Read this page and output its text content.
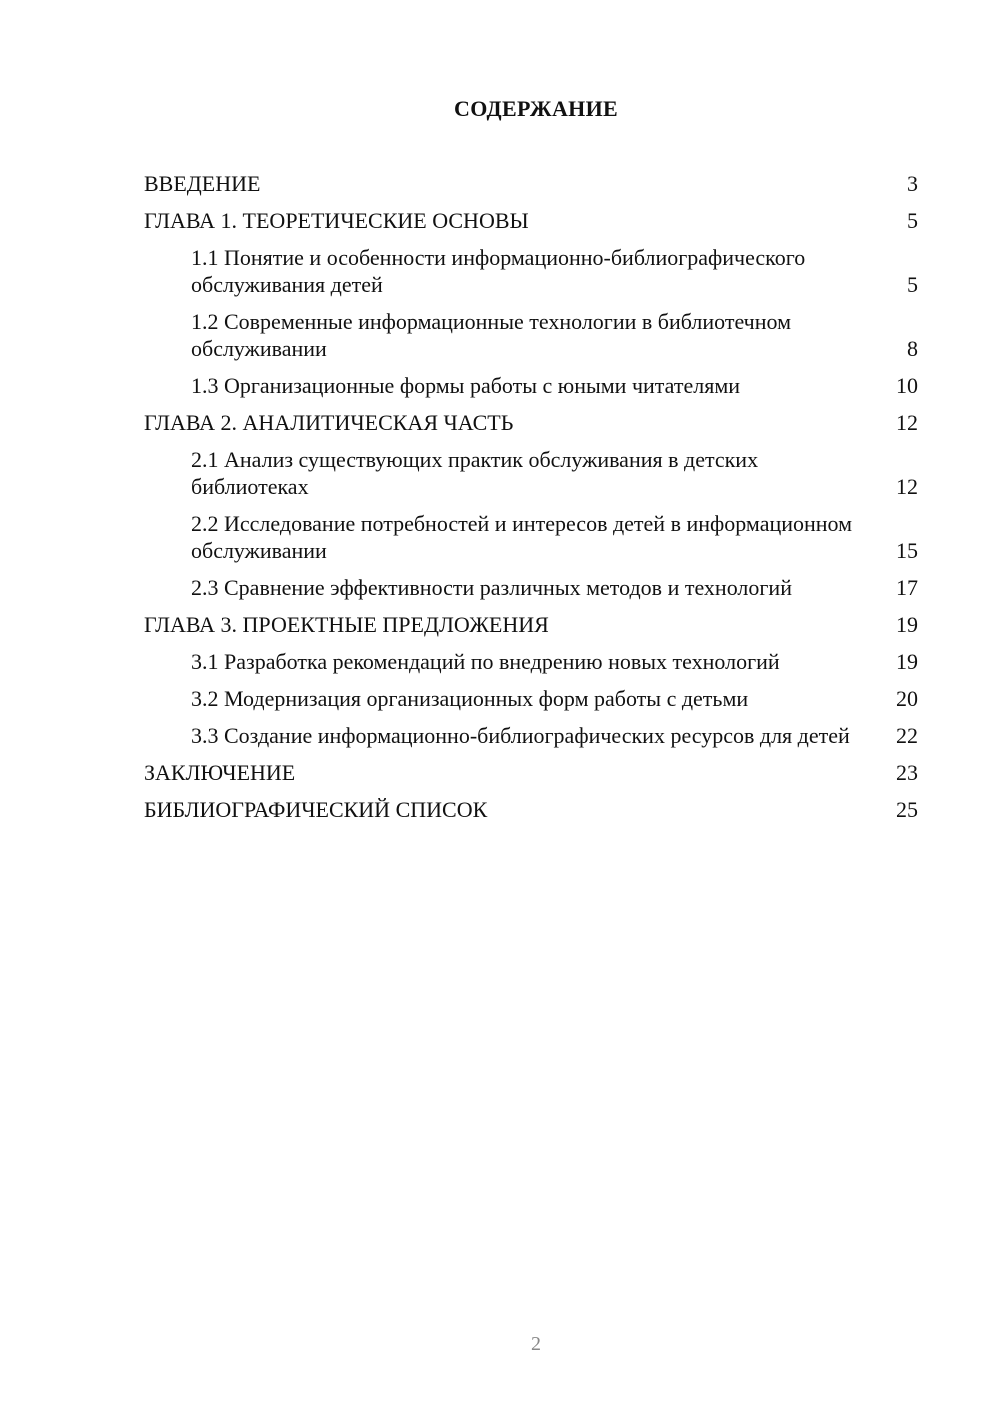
СОДЕРЖАНИЕ
ВВЕДЕНИЕ	3
ГЛАВА 1. ТЕОРЕТИЧЕСКИЕ ОСНОВЫ	5
1.1 Понятие и особенности информационно-библиографического обслуживания детей	5
1.2 Современные информационные технологии в библиотечном обслуживании	8
1.3 Организационные формы работы с юными читателями	10
ГЛАВА 2. АНАЛИТИЧЕСКАЯ ЧАСТЬ	12
2.1 Анализ существующих практик обслуживания в детских библиотеках	12
2.2 Исследование потребностей и интересов детей в информационном обслуживании	15
2.3 Сравнение эффективности различных методов и технологий	17
ГЛАВА 3. ПРОЕКТНЫЕ ПРЕДЛОЖЕНИЯ	19
3.1 Разработка рекомендаций по внедрению новых технологий	19
3.2 Модернизация организационных форм работы с детьми	20
3.3 Создание информационно-библиографических ресурсов для детей	22
ЗАКЛЮЧЕНИЕ	23
БИБЛИОГРАФИЧЕСКИЙ СПИСОК	25
2
